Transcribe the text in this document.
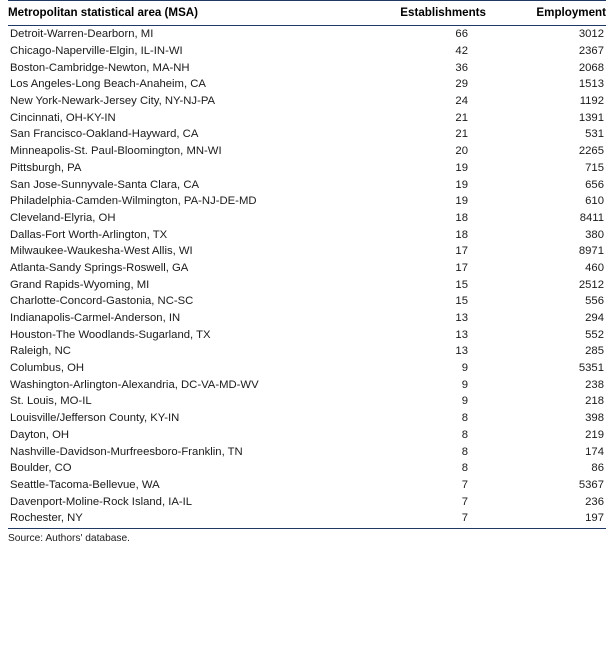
Metropolitan statistical area (MSA)	Establishments	Employment
Detroit-Warren-Dearborn, MI	66	3012
Chicago-Naperville-Elgin, IL-IN-WI	42	2367
Boston-Cambridge-Newton, MA-NH	36	2068
Los Angeles-Long Beach-Anaheim, CA	29	1513
New York-Newark-Jersey City, NY-NJ-PA	24	1192
Cincinnati, OH-KY-IN	21	1391
San Francisco-Oakland-Hayward, CA	21	531
Minneapolis-St. Paul-Bloomington, MN-WI	20	2265
Pittsburgh, PA	19	715
San Jose-Sunnyvale-Santa Clara, CA	19	656
Philadelphia-Camden-Wilmington, PA-NJ-DE-MD	19	610
Cleveland-Elyria, OH	18	8411
Dallas-Fort Worth-Arlington, TX	18	380
Milwaukee-Waukesha-West Allis, WI	17	8971
Atlanta-Sandy Springs-Roswell, GA	17	460
Grand Rapids-Wyoming, MI	15	2512
Charlotte-Concord-Gastonia, NC-SC	15	556
Indianapolis-Carmel-Anderson, IN	13	294
Houston-The Woodlands-Sugarland, TX	13	552
Raleigh, NC	13	285
Columbus, OH	9	5351
Washington-Arlington-Alexandria, DC-VA-MD-WV	9	238
St. Louis, MO-IL	9	218
Louisville/Jefferson County, KY-IN	8	398
Dayton, OH	8	219
Nashville-Davidson-Murfreesboro-Franklin, TN	8	174
Boulder, CO	8	86
Seattle-Tacoma-Bellevue, WA	7	5367
Davenport-Moline-Rock Island, IA-IL	7	236
Rochester, NY	7	197
Source: Authors' database.
